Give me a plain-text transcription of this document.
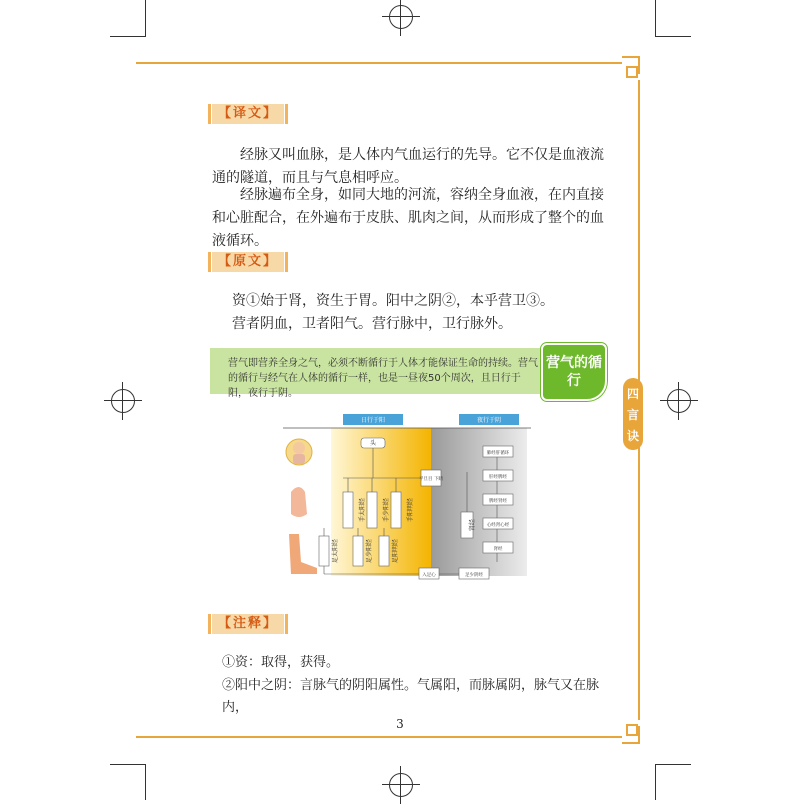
四
言
诀
【译文】
经脉又叫血脉，是人体内气血运行的先导。它不仅是血液流通的隧道，而且与气息相呼应。
经脉遍布全身，如同大地的河流，容纳全身血液，在内直接和心脏配合，在外遍布于皮肤、肌肉之间，从而形成了整个的血液循环。
【原文】
资①始于肾，资生于胃。阳中之阴②，本乎营卫③。
营者阴血，卫者阳气。营行脉中，卫行脉外。
营气即营养全身之气，必须不断循行于人体才能保证生命的持续。营气的循行与经气在人体的循行一样，也是一昼夜50个周次，且日行于阳，夜行于阴。
营气的循行
日行于阳	夜行于阴
头
手太阳经	手少阳经	手阳明经
足太阳经	足少阳经	足阳明经
平旦目 下睛
肾经
肺经肝循环
肝经脾经
脾经肾经
心经肾心经
肾经
入足心	足少阴经
【注释】
①资：取得，获得。
②阳中之阴：言脉气的阴阳属性。气属阳，而脉属阴，脉气又在脉内，
3
